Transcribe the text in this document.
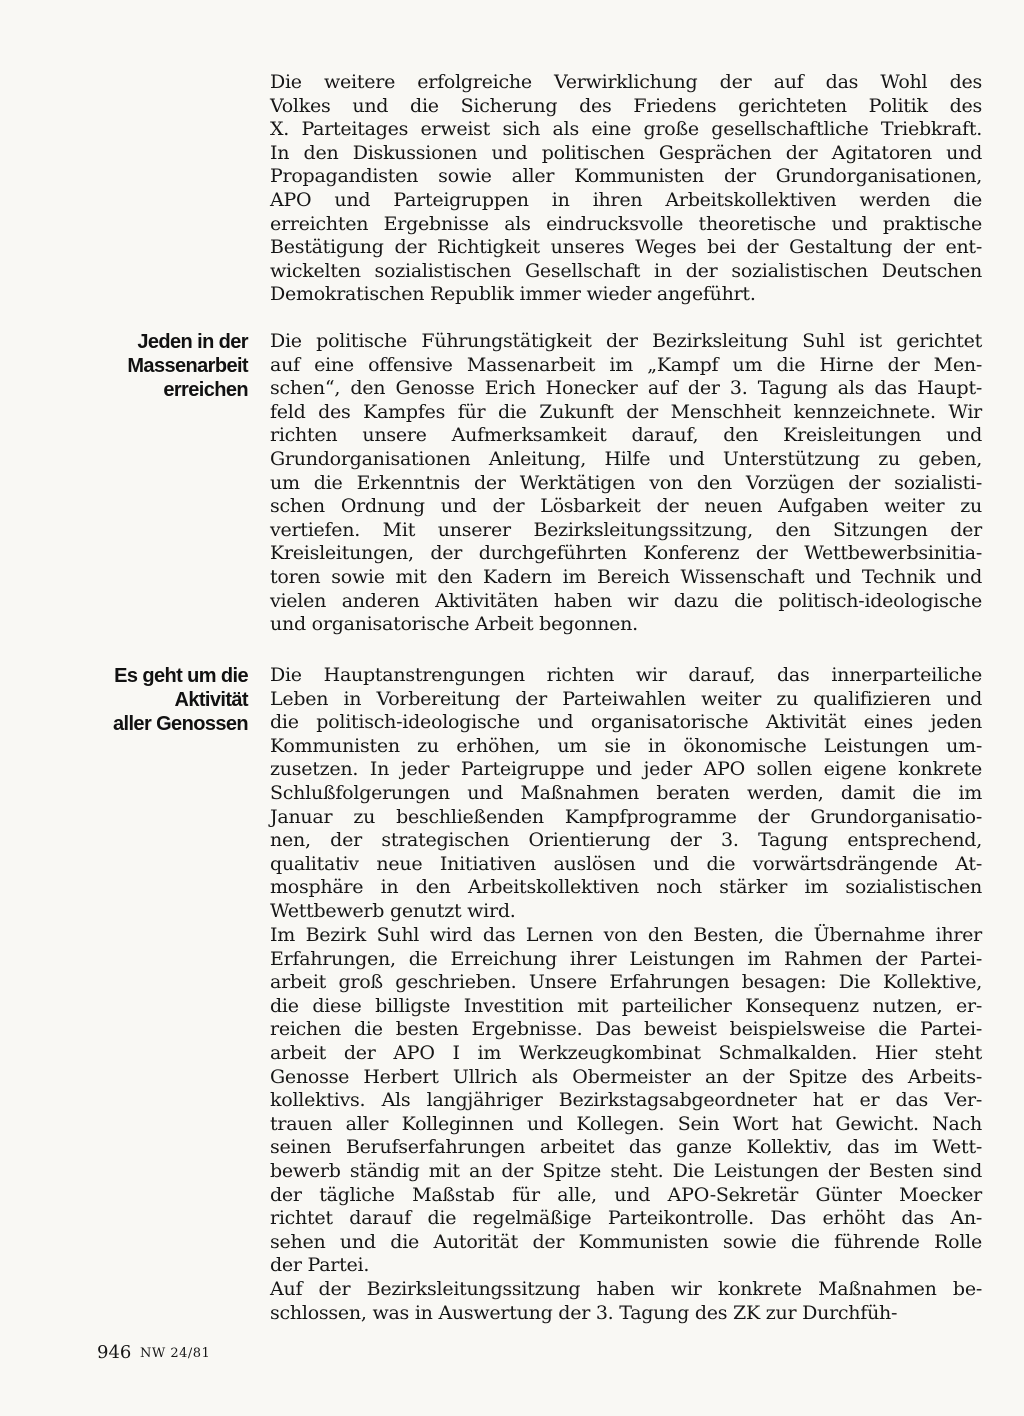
Jeden in der
Massenarbeit
erreichen
Es geht um die
Aktivität
aller Genossen
Die weitere erfolgreiche Verwirklichung der auf das Wohl des
Volkes und die Sicherung des Friedens gerichteten Politik des
X. Parteitages erweist sich als eine große gesellschaftliche Triebkraft.
In den Diskussionen und politischen Gesprächen der Agitatoren und
Propagandisten sowie aller Kommunisten der Grundorganisationen,
APO und Parteigruppen in ihren Arbeitskollektiven werden die
erreichten Ergebnisse als eindrucksvolle theoretische und praktische
Bestätigung der Richtigkeit unseres Weges bei der Gestaltung der ent-
wickelten sozialistischen Gesellschaft in der sozialistischen Deutschen
Demokratischen Republik immer wieder angeführt.
Die politische Führungstätigkeit der Bezirksleitung Suhl ist gerichtet
auf eine offensive Massenarbeit im „Kampf um die Hirne der Men-
schen“, den Genosse Erich Honecker auf der 3. Tagung als das Haupt-
feld des Kampfes für die Zukunft der Menschheit kennzeichnete. Wir
richten unsere Aufmerksamkeit darauf, den Kreisleitungen und
Grundorganisationen Anleitung, Hilfe und Unterstützung zu geben,
um die Erkenntnis der Werktätigen von den Vorzügen der sozialisti-
schen Ordnung und der Lösbarkeit der neuen Aufgaben weiter zu
vertiefen. Mit unserer Bezirksleitungssitzung, den Sitzungen der
Kreisleitungen, der durchgeführten Konferenz der Wettbewerbsinitia-
toren sowie mit den Kadern im Bereich Wissenschaft und Technik und
vielen anderen Aktivitäten haben wir dazu die politisch-ideologische
und organisatorische Arbeit begonnen.
Die Hauptanstrengungen richten wir darauf, das innerparteiliche
Leben in Vorbereitung der Parteiwahlen weiter zu qualifizieren und
die politisch-ideologische und organisatorische Aktivität eines jeden
Kommunisten zu erhöhen, um sie in ökonomische Leistungen um-
zusetzen. In jeder Parteigruppe und jeder APO sollen eigene konkrete
Schlußfolgerungen und Maßnahmen beraten werden, damit die im
Januar zu beschließenden Kampfprogramme der Grundorganisatio-
nen, der strategischen Orientierung der 3. Tagung entsprechend,
qualitativ neue Initiativen auslösen und die vorwärtsdrängende At-
mosphäre in den Arbeitskollektiven noch stärker im sozialistischen
Wettbewerb genutzt wird.
Im Bezirk Suhl wird das Lernen von den Besten, die Übernahme ihrer
Erfahrungen, die Erreichung ihrer Leistungen im Rahmen der Partei-
arbeit groß geschrieben. Unsere Erfahrungen besagen: Die Kollektive,
die diese billigste Investition mit parteilicher Konsequenz nutzen, er-
reichen die besten Ergebnisse. Das beweist beispielsweise die Partei-
arbeit der APO I im Werkzeugkombinat Schmalkalden. Hier steht
Genosse Herbert Ullrich als Obermeister an der Spitze des Arbeits-
kollektivs. Als langjähriger Bezirkstagsabgeordneter hat er das Ver-
trauen aller Kolleginnen und Kollegen. Sein Wort hat Gewicht. Nach
seinen Berufserfahrungen arbeitet das ganze Kollektiv, das im Wett-
bewerb ständig mit an der Spitze steht. Die Leistungen der Besten sind
der tägliche Maßstab für alle, und APO-Sekretär Günter Moecker
richtet darauf die regelmäßige Parteikontrolle. Das erhöht das An-
sehen und die Autorität der Kommunisten sowie die führende Rolle
der Partei.
Auf der Bezirksleitungssitzung haben wir konkrete Maßnahmen be-
schlossen, was in Auswertung der 3. Tagung des ZK zur Durchfüh-
946 NW 24/81
